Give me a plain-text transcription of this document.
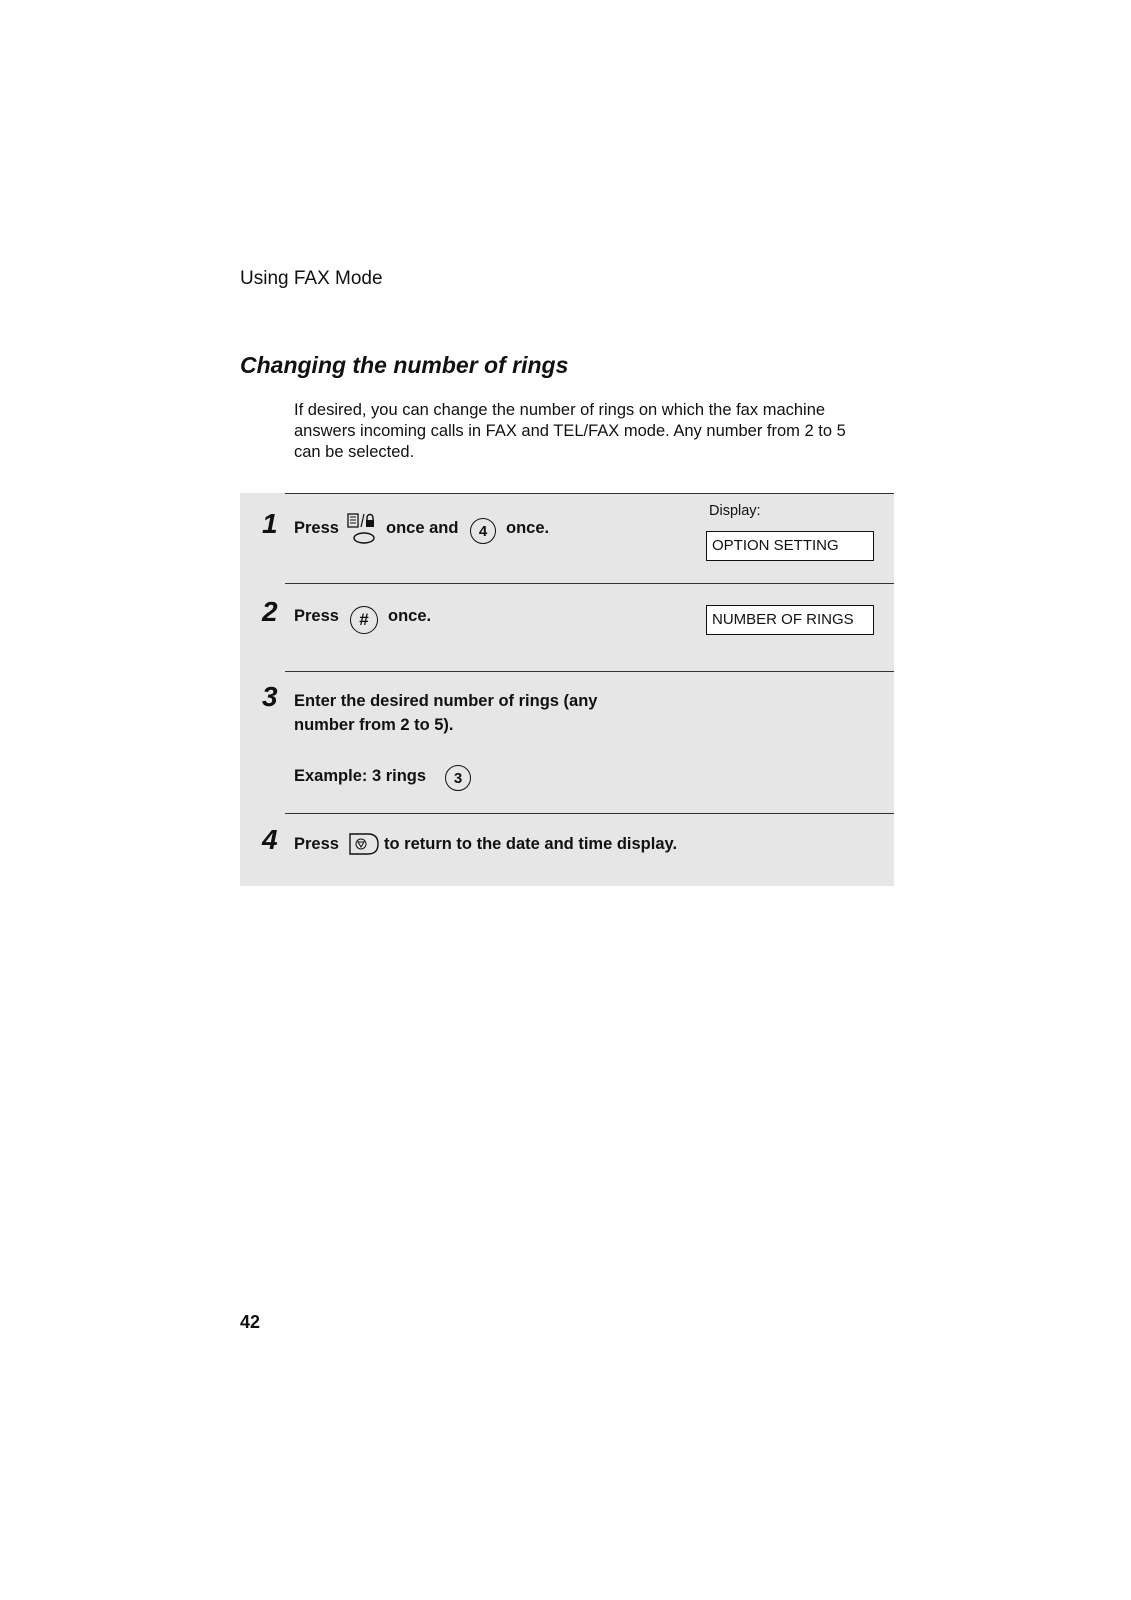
Using FAX Mode
Changing the number of rings
If desired, you can change the number of rings on which the fax machine
answers incoming calls in FAX and TEL/FAX mode. Any number from 2 to 5
can be selected.
Display:
1 Press	once and	4	once.
OPTION SETTING
2 Press	#	once.	NUMBER OF RINGS
3 Enter the desired number of rings (any
number from 2 to 5).
Example: 3 rings	3
4 Press	to return to the date and time display.
42
